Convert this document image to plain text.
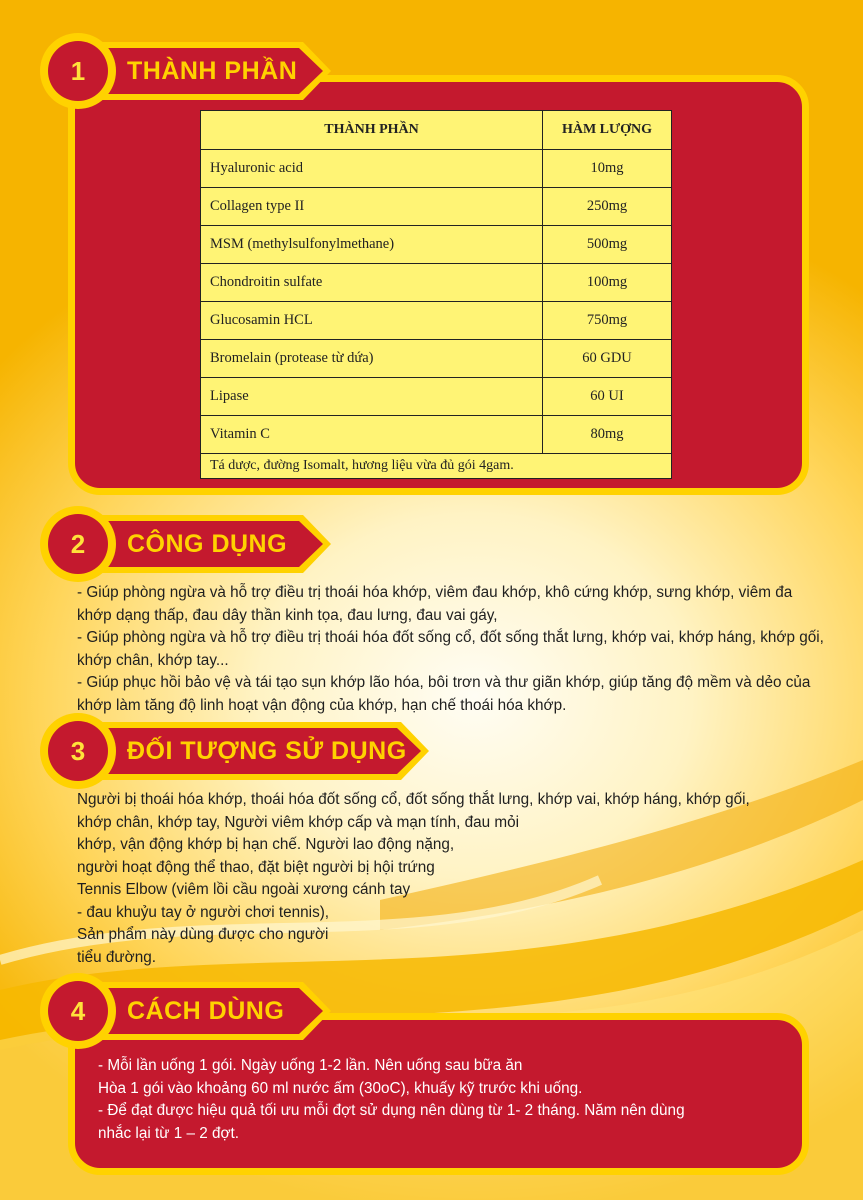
THÀNH PHẦN	HÀM LƯỢNG
Hyaluronic acid	10mg
Collagen type II	250mg
MSM (methylsulfonylmethane)	500mg
Chondroitin sulfate	100mg
Glucosamin HCL	750mg
Bromelain (protease từ dứa)	60 GDU
Lipase	60 UI
Vitamin C	80mg
Tá dược, đường Isomalt, hương liệu vừa đủ gói 4gam.	
THÀNH PHẦN
1
CÔNG DỤNG
2

- Giúp phòng ngừa và hỗ trợ điều trị thoái hóa khớp, viêm đau khớp, khô cứng khớp, sưng khớp, viêm đa khớp dạng thấp, đau dây thần kinh tọa, đau lưng, đau vai gáy,

- Giúp phòng ngừa và hỗ trợ điều trị thoái hóa đốt sống cổ, đốt sống thắt lưng, khớp vai, khớp háng, khớp gối, khớp chân, khớp tay...

- Giúp phục hồi bảo vệ và tái tạo sụn khớp lão hóa, bôi trơn và thư giãn khớp, giúp tăng độ mềm và dẻo của khớp làm tăng độ linh hoạt vận động của khớp, hạn chế thoái hóa khớp.

ĐỐI TƯỢNG SỬ DỤNG
3

Người bị thoái hóa khớp, thoái hóa đốt sống cổ, đốt sống thắt lưng, khớp vai, khớp háng, khớp gối,

khớp chân, khớp tay, Người viêm khớp cấp và mạn tính, đau mỏi

khớp, vận động khớp bị hạn chế. Người lao động nặng,

người hoạt động thể thao, đặt biệt người bị hội trứng

Tennis Elbow (viêm lồi cầu ngoài xương cánh tay

- đau khuỷu tay ở người chơi tennis),

Sản phẩm này dùng được cho người

tiểu đường.

CÁCH DÙNG
4

- Mỗi lần uống 1 gói. Ngày uống 1-2 lần. Nên uống sau bữa ăn

Hòa 1 gói vào khoảng 60 ml nước ấm (30oC), khuấy kỹ trước khi uống.

- Để đạt được hiệu quả tối ưu mỗi đợt sử dụng nên dùng từ 1- 2 tháng. Năm nên dùng

nhắc lại từ 1 – 2 đợt.
